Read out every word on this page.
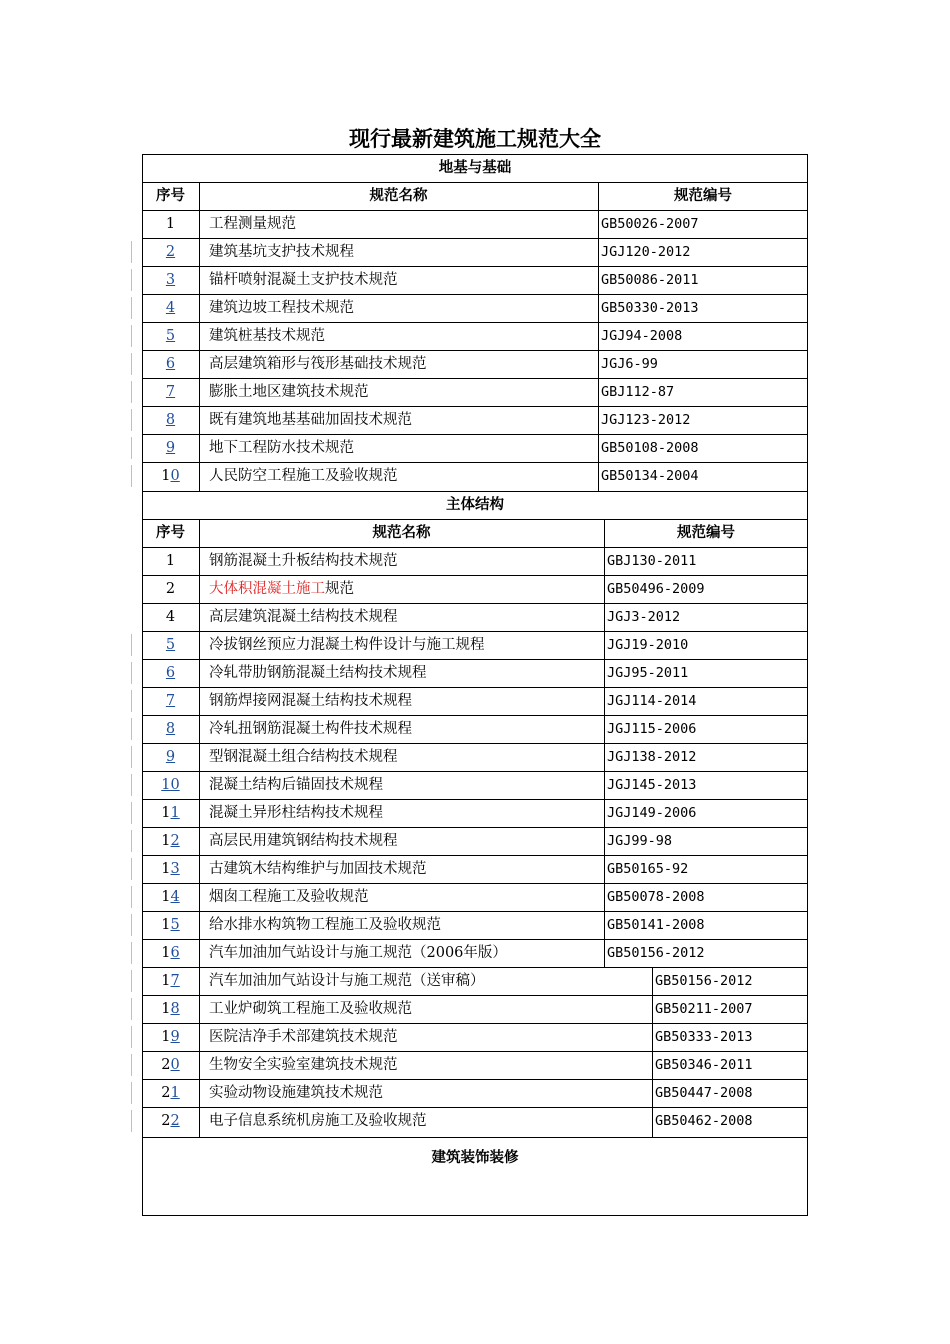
现行最新建筑施工规范大全
地基与基础
主体结构
建筑装饰装修
序号	规范名称	规范编号
序号	规范名称	规范编号
1	工程测量规范	GB50026-2007
2	建筑基坑支护技术规程	JGJ120-2012
3	锚杆喷射混凝土支护技术规范	GB50086-2011
4	建筑边坡工程技术规范	GB50330-2013
5	建筑桩基技术规范	JGJ94-2008
6	高层建筑箱形与筏形基础技术规范	JGJ6-99
7	膨胀土地区建筑技术规范	GBJ112-87
8	既有建筑地基基础加固技术规范	JGJ123-2012
9	地下工程防水技术规范	GB50108-2008
10	人民防空工程施工及验收规范	GB50134-2004
1	钢筋混凝土升板结构技术规范	GBJ130-2011
2	大体积混凝土施工规范	GB50496-2009
4	高层建筑混凝土结构技术规程	JGJ3-2012
5	冷拔钢丝预应力混凝土构件设计与施工规程	JGJ19-2010
6	冷轧带肋钢筋混凝土结构技术规程	JGJ95-2011
7	钢筋焊接网混凝土结构技术规程	JGJ114-2014
8	冷轧扭钢筋混凝土构件技术规程	JGJ115-2006
9	型钢混凝土组合结构技术规程	JGJ138-2012
10	混凝土结构后锚固技术规程	JGJ145-2013
11	混凝土异形柱结构技术规程	JGJ149-2006
12	高层民用建筑钢结构技术规程	JGJ99-98
13	古建筑木结构维护与加固技术规范	GB50165-92
14	烟囱工程施工及验收规范	GB50078-2008
15	给水排水构筑物工程施工及验收规范	GB50141-2008
16	汽车加油加气站设计与施工规范（2006年版）	GB50156-2012
17	汽车加油加气站设计与施工规范（送审稿）	GB50156-2012
18	工业炉砌筑工程施工及验收规范	GB50211-2007
19	医院洁净手术部建筑技术规范	GB50333-2013
20	生物安全实验室建筑技术规范	GB50346-2011
21	实验动物设施建筑技术规范	GB50447-2008
22	电子信息系统机房施工及验收规范	GB50462-2008
